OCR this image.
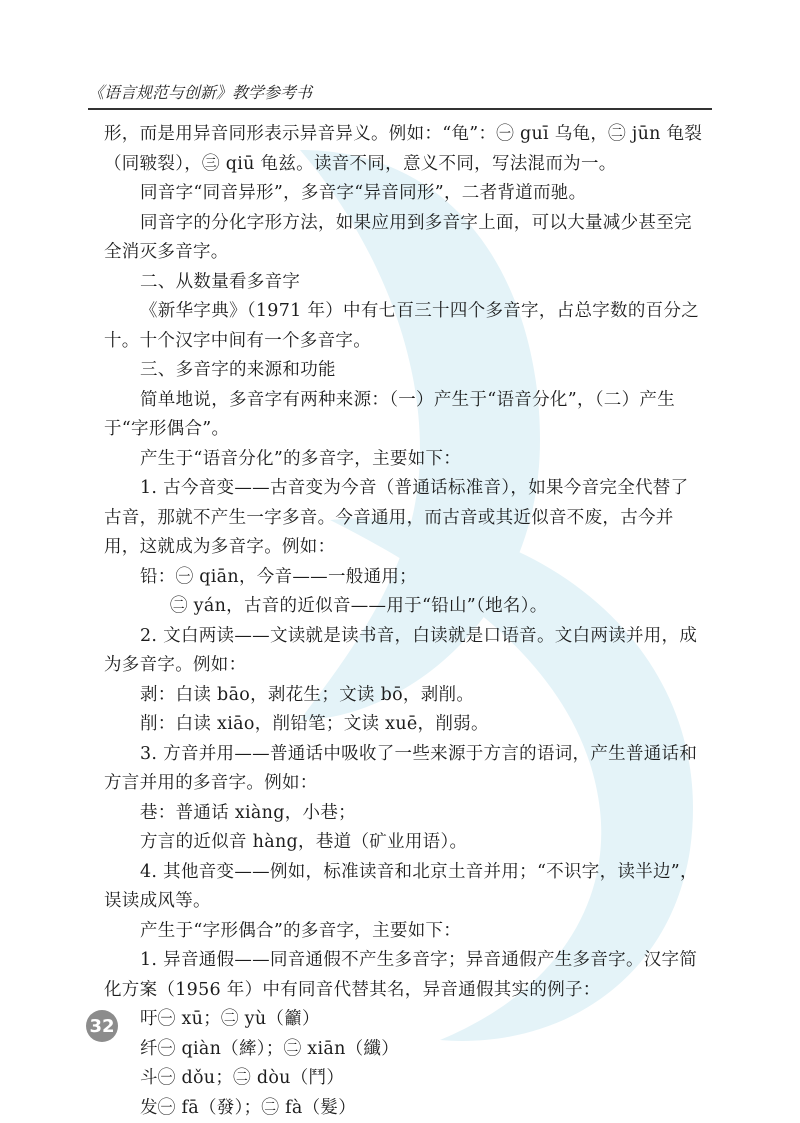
《语言规范与创新》教学参考书

形，而是用异音同形表示异音异义。例如：“龟”：㊀ guī 乌龟，㊁ jūn 龟裂（同皲裂），㊂ qiū 龟兹。读音不同，意义不同，写法混而为一。

同音字“同音异形”，多音字“异音同形”，二者背道而驰。

同音字的分化字形方法，如果应用到多音字上面，可以大量减少甚至完全消灭多音字。

二、从数量看多音字

《新华字典》（1971 年）中有七百三十四个多音字，占总字数的百分之十。十个汉字中间有一个多音字。

三、多音字的来源和功能

简单地说，多音字有两种来源：（一）产生于“语音分化”，（二）产生于“字形偶合”。

产生于“语音分化”的多音字，主要如下：

1. 古今音变——古音变为今音（普通话标准音），如果今音完全代替了古音，那就不产生一字多音。今音通用，而古音或其近似音不废，古今并用，这就成为多音字。例如：

铅：㊀ qiān，今音——一般通用；

㊁ yán，古音的近似音——用于“铅山”（地名）。

2. 文白两读——文读就是读书音，白读就是口语音。文白两读并用，成为多音字。例如：

剥：白读 bāo，剥花生；文读 bō，剥削。

削：白读 xiāo，削铅笔；文读 xuē，削弱。

3. 方音并用——普通话中吸收了一些来源于方言的语词，产生普通话和方言并用的多音字。例如：

巷：普通话 xiàng，小巷；

方言的近似音 hàng，巷道（矿业用语）。

4. 其他音变——例如，标准读音和北京土音并用；“不识字，读半边”，误读成风等。

产生于“字形偶合”的多音字，主要如下：

1. 异音通假——同音通假不产生多音字；异音通假产生多音字。汉字简化方案（1956 年）中有同音代替其名，异音通假其实的例子：

吁㊀ xū；㊁ yù（籲）

纤㊀ qiàn（縴）；㊁ xiān（纖）

斗㊀ dǒu；㊁ dòu（鬥）

发㊀ fā（發）；㊁ fà（髮）

32
